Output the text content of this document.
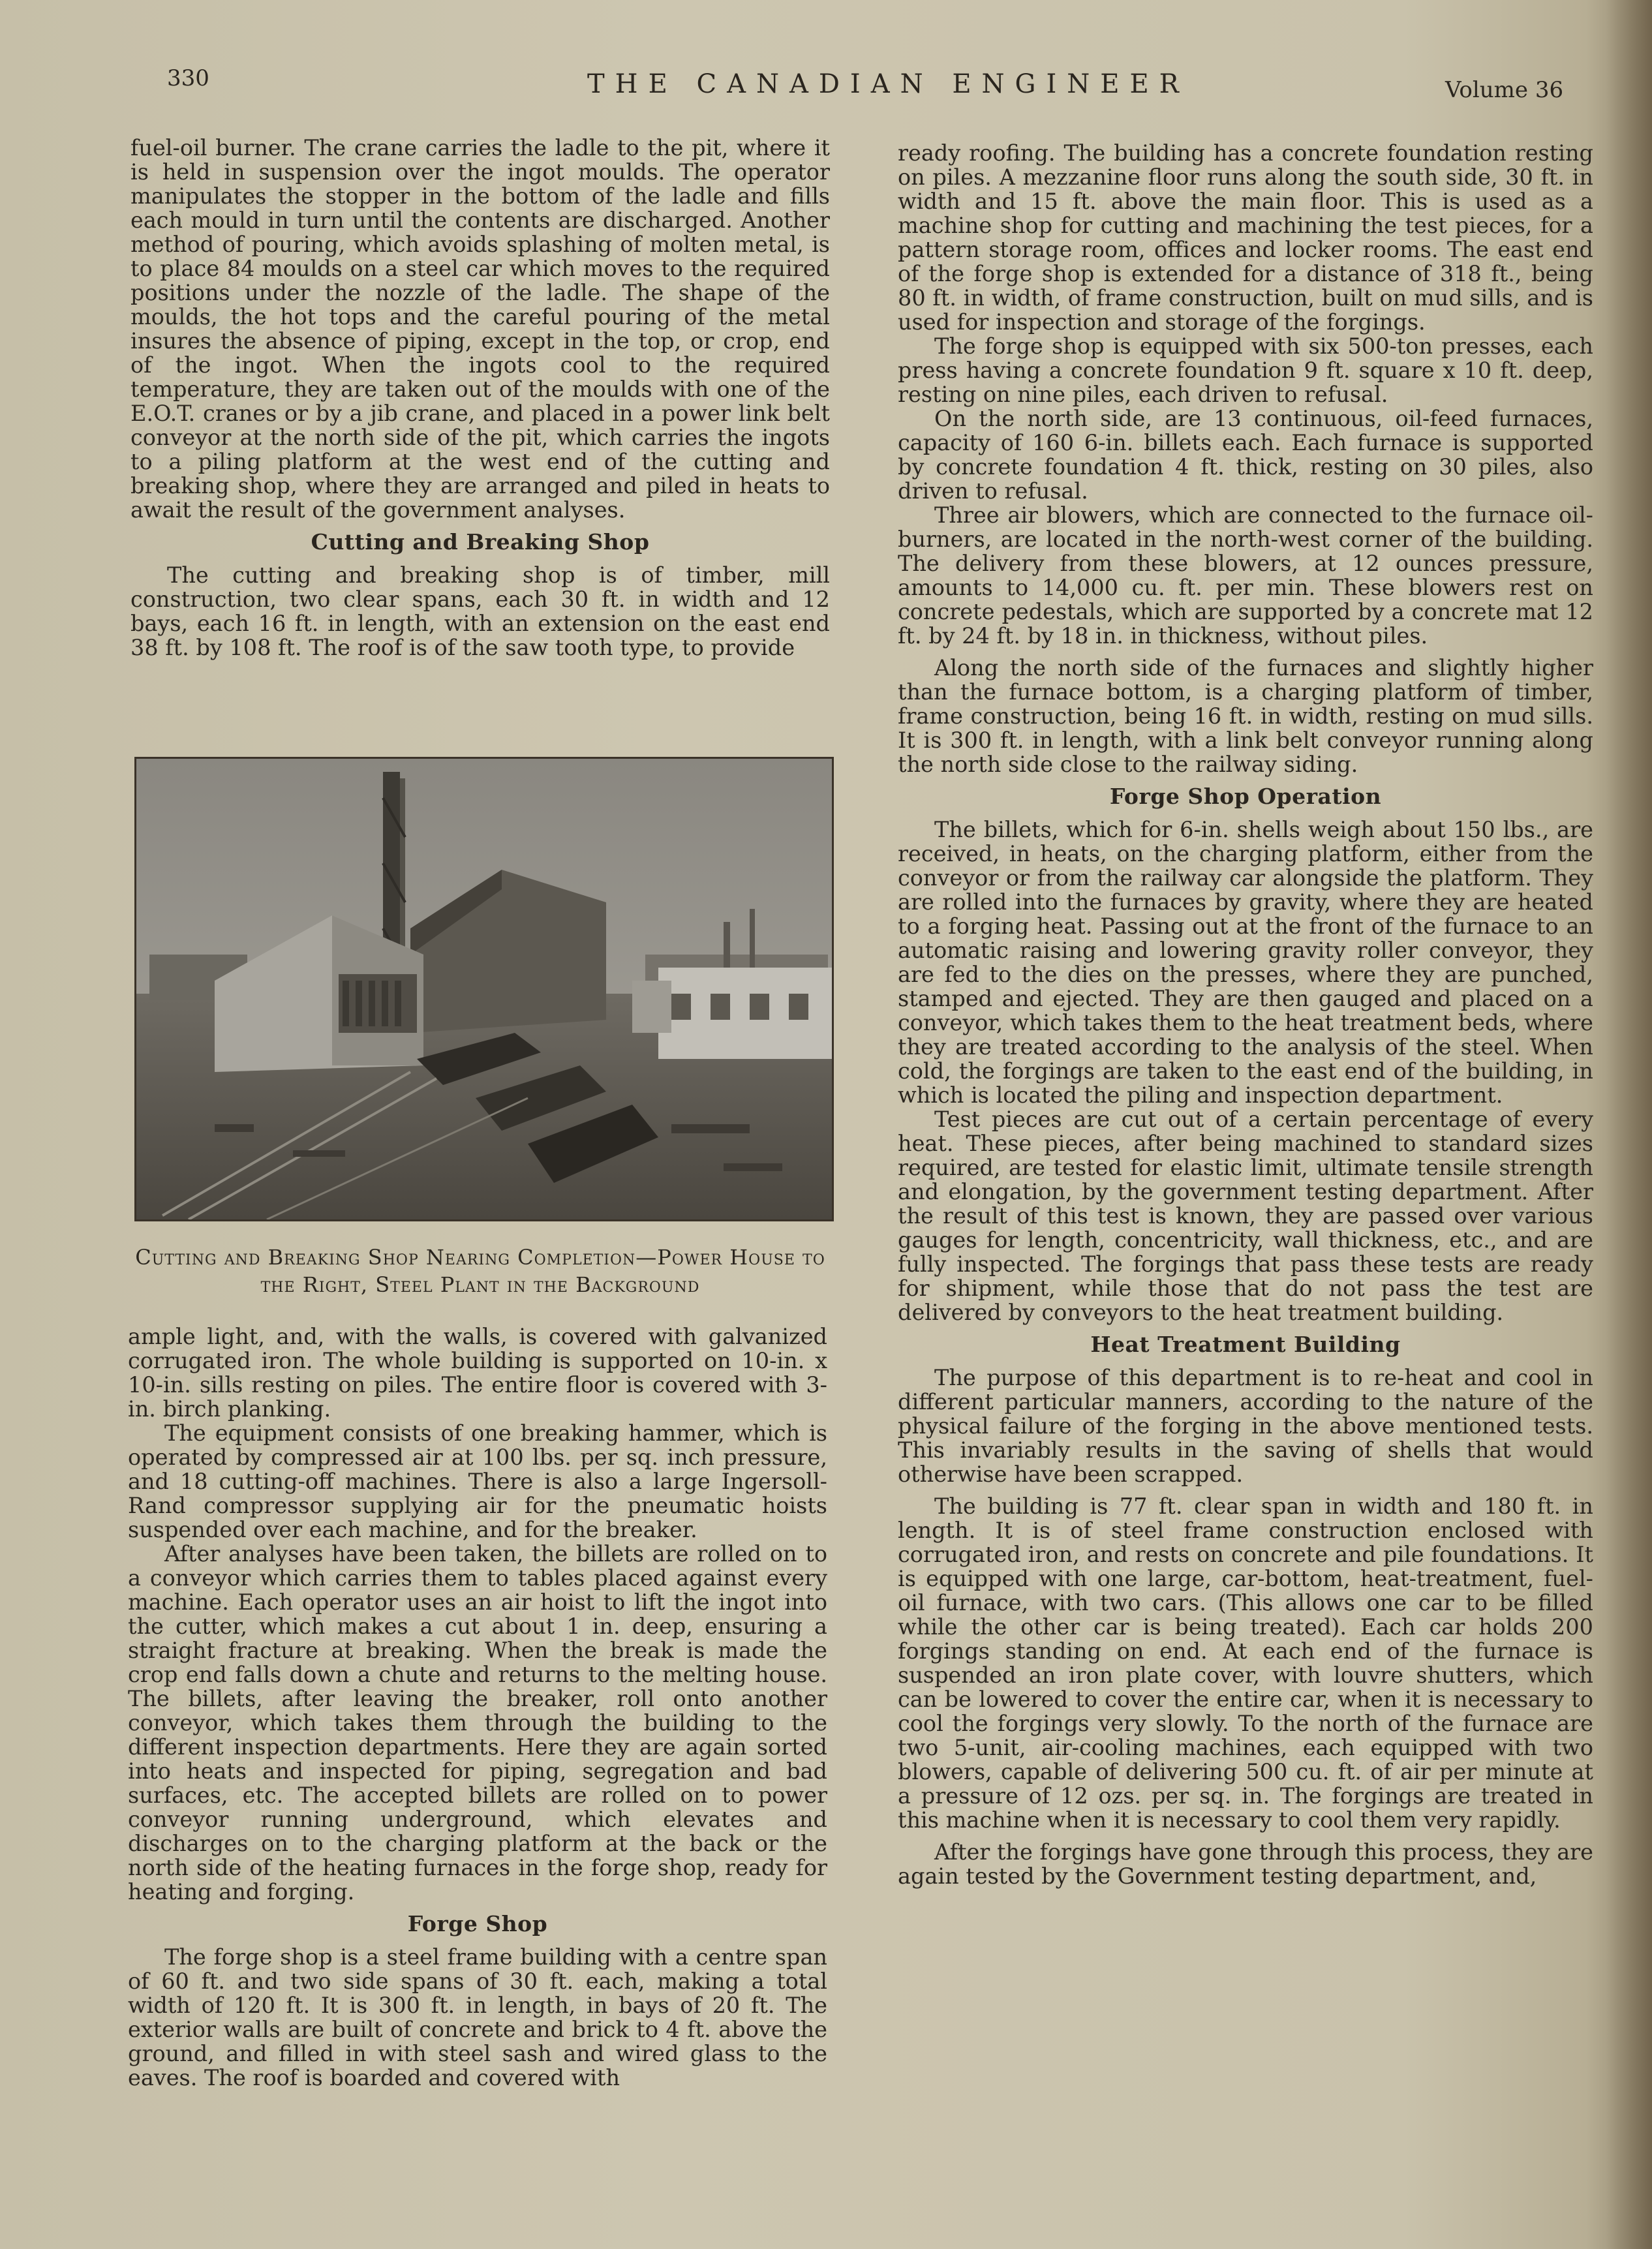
330	THE CANADIAN ENGINEER	Volume 36

fuel-oil burner. The crane carries the ladle to the pit, where it is held in suspension over the ingot moulds. The operator manipulates the stopper in the bottom of the ladle and fills each mould in turn until the contents are discharged. Another method of pouring, which avoids splashing of molten metal, is to place 84 moulds on a steel car which moves to the required positions under the nozzle of the ladle. The shape of the moulds, the hot tops and the careful pouring of the metal insures the absence of piping, except in the top, or crop, end of the ingot. When the ingots cool to the required temperature, they are taken out of the moulds with one of the E.O.T. cranes or by a jib crane, and placed in a power link belt conveyor at the north side of the pit, which carries the ingots to a piling platform at the west end of the cutting and breaking shop, where they are arranged and piled in heats to await the result of the government analyses.

Cutting and Breaking Shop

The cutting and breaking shop is of timber, mill construction, two clear spans, each 30 ft. in width and 12 bays, each 16 ft. in length, with an extension on the east end 38 ft. by 108 ft. The roof is of the saw tooth type, to provide

Cutting and Breaking Shop Nearing Completion—Power House to the Right, Steel Plant in the Background

ample light, and, with the walls, is covered with galvanized corrugated iron. The whole building is supported on 10-in. x 10-in. sills resting on piles. The entire floor is covered with 3-in. birch planking.

The equipment consists of one breaking hammer, which is operated by compressed air at 100 lbs. per sq. inch pressure, and 18 cutting-off machines. There is also a large Ingersoll-Rand compressor supplying air for the pneumatic hoists suspended over each machine, and for the breaker.

After analyses have been taken, the billets are rolled on to a conveyor which carries them to tables placed against every machine. Each operator uses an air hoist to lift the ingot into the cutter, which makes a cut about 1 in. deep, ensuring a straight fracture at breaking. When the break is made the crop end falls down a chute and returns to the melting house. The billets, after leaving the breaker, roll onto another conveyor, which takes them through the building to the different inspection departments. Here they are again sorted into heats and inspected for piping, segregation and bad surfaces, etc. The accepted billets are rolled on to power conveyor running underground, which elevates and discharges on to the charging platform at the back or the north side of the heating furnaces in the forge shop, ready for heating and forging.

Forge Shop

The forge shop is a steel frame building with a centre span of 60 ft. and two side spans of 30 ft. each, making a total width of 120 ft. It is 300 ft. in length, in bays of 20 ft. The exterior walls are built of concrete and brick to 4 ft. above the ground, and filled in with steel sash and wired glass to the eaves. The roof is boarded and covered with

ready roofing. The building has a concrete foundation resting on piles. A mezzanine floor runs along the south side, 30 ft. in width and 15 ft. above the main floor. This is used as a machine shop for cutting and machining the test pieces, for a pattern storage room, offices and locker rooms. The east end of the forge shop is extended for a distance of 318 ft., being 80 ft. in width, of frame construction, built on mud sills, and is used for inspection and storage of the forgings.

The forge shop is equipped with six 500-ton presses, each press having a concrete foundation 9 ft. square x 10 ft. deep, resting on nine piles, each driven to refusal.

On the north side, are 13 continuous, oil-feed furnaces, capacity of 160 6-in. billets each. Each furnace is supported by concrete foundation 4 ft. thick, resting on 30 piles, also driven to refusal.

Three air blowers, which are connected to the furnace oil-burners, are located in the north-west corner of the building. The delivery from these blowers, at 12 ounces pressure, amounts to 14,000 cu. ft. per min. These blowers rest on concrete pedestals, which are supported by a concrete mat 12 ft. by 24 ft. by 18 in. in thickness, without piles.

Along the north side of the furnaces and slightly higher than the furnace bottom, is a charging platform of timber, frame construction, being 16 ft. in width, resting on mud sills. It is 300 ft. in length, with a link belt conveyor running along the north side close to the railway siding.

Forge Shop Operation

The billets, which for 6-in. shells weigh about 150 lbs., are received, in heats, on the charging platform, either from the conveyor or from the railway car alongside the platform. They are rolled into the furnaces by gravity, where they are heated to a forging heat. Passing out at the front of the furnace to an automatic raising and lowering gravity roller conveyor, they are fed to the dies on the presses, where they are punched, stamped and ejected. They are then gauged and placed on a conveyor, which takes them to the heat treatment beds, where they are treated according to the analysis of the steel. When cold, the forgings are taken to the east end of the building, in which is located the piling and inspection department.

Test pieces are cut out of a certain percentage of every heat. These pieces, after being machined to standard sizes required, are tested for elastic limit, ultimate tensile strength and elongation, by the government testing department. After the result of this test is known, they are passed over various gauges for length, concentricity, wall thickness, etc., and are fully inspected. The forgings that pass these tests are ready for shipment, while those that do not pass the test are delivered by conveyors to the heat treatment building.

Heat Treatment Building

The purpose of this department is to re-heat and cool in different particular manners, according to the nature of the physical failure of the forging in the above mentioned tests. This invariably results in the saving of shells that would otherwise have been scrapped.

The building is 77 ft. clear span in width and 180 ft. in length. It is of steel frame construction enclosed with corrugated iron, and rests on concrete and pile foundations. It is equipped with one large, car-bottom, heat-treatment, fuel-oil furnace, with two cars. (This allows one car to be filled while the other car is being treated). Each car holds 200 forgings standing on end. At each end of the furnace is suspended an iron plate cover, with louvre shutters, which can be lowered to cover the entire car, when it is necessary to cool the forgings very slowly. To the north of the furnace are two 5-unit, air-cooling machines, each equipped with two blowers, capable of delivering 500 cu. ft. of air per minute at a pressure of 12 ozs. per sq. in. The forgings are treated in this machine when it is necessary to cool them very rapidly.

After the forgings have gone through this process, they are again tested by the Government testing department, and,
